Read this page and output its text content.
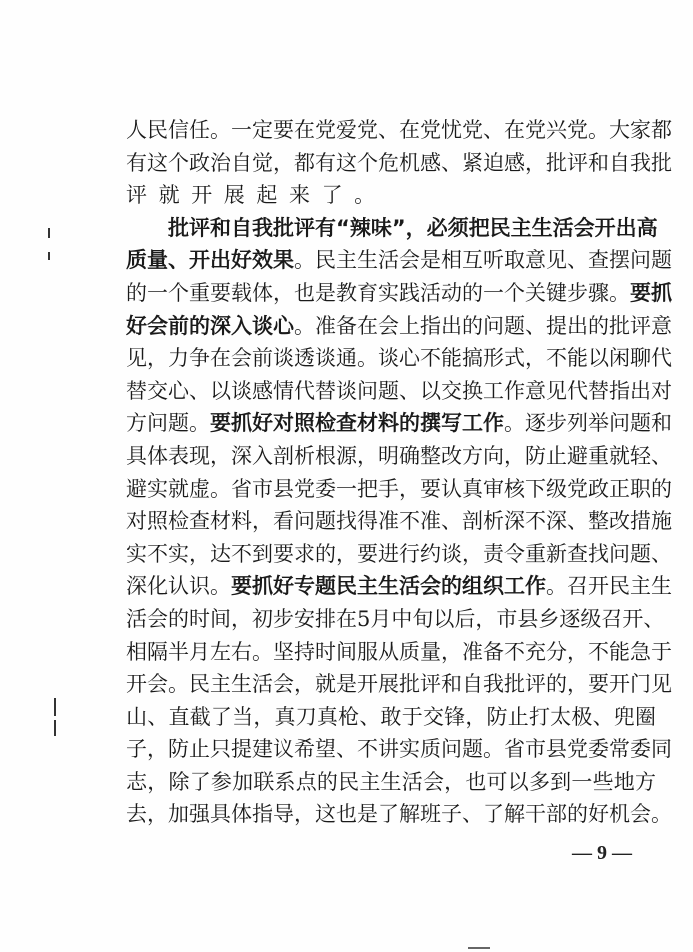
人 民 信 任 。 一 定 要 在 党 爱 党 、 在 党 忧 党 、 在 党 兴 党 。 大 家 都
有 这 个 政 治 自 觉 ， 都 有 这 个 危 机 感 、 紧 迫 感 ， 批 评 和 自 我 批
评
就
开
展
起
来
了
。

批 评 和 自 我 批 评 有 “ 辣 味 ” ， 必 须 把 民 主 生 活 会 开 出 高
质 量 、 开 出 好 效 果 。 民 主 生 活 会 是 相 互 听 取 意 见 、 查 摆 问 题
的 一 个 重 要 载 体 ， 也 是 教 育 实 践 活 动 的 一 个 关 键 步 骤 。 要 抓
好 会 前 的 深 入 谈 心 。 准 备 在 会 上 指 出 的 问 题 、 提 出 的 批 评 意
见 ， 力 争 在 会 前 谈 透 谈 通 。 谈 心 不 能 搞 形 式 ， 不 能 以 闲 聊 代
替 交 心 、 以 谈 感 情 代 替 谈 问 题 、 以 交 换 工 作 意 见 代 替 指 出 对
方 问 题 。 要 抓 好 对 照 检 查 材 料 的 撰 写 工 作 。 逐 步 列 举 问 题 和
具 体 表 现 ， 深 入 剖 析 根 源 ， 明 确 整 改 方 向 ， 防 止 避 重 就 轻 、
避 实 就 虚 。 省 市 县 党 委 一 把 手 ， 要 认 真 审 核 下 级 党 政 正 职 的
对 照 检 查 材 料 ， 看 问 题 找 得 准 不 准 、 剖 析 深 不 深 、 整 改 措 施
实 不 实 ， 达 不 到 要 求 的 ， 要 进 行 约 谈 ， 责 令 重 新 查 找 问 题 、
深 化 认 识 。 要 抓 好 专 题 民 主 生 活 会 的 组 织 工 作 。 召 开 民 主 生
活 会 的 时 间 ， 初 步 安 排 在 5 月 中 旬 以 后 ， 市 县 乡 逐 级 召 开 、
相 隔 半 月 左 右 。 坚 持 时 间 服 从 质 量 ， 准 备 不 充 分 ， 不 能 急 于
开 会 。 民 主 生 活 会 ， 就 是 开 展 批 评 和 自 我 批 评 的 ， 要 开 门 见
山 、 直 截 了 当 ， 真 刀 真 枪 、 敢 于 交 锋 ， 防 止 打 太 极 、 兜 圈
子 ， 防 止 只 提 建 议 希 望 、 不 讲 实 质 问 题 。 省 市 县 党 委 常 委 同
志 ， 除 了 参 加 联 系 点 的 民 主 生 活 会 ， 也 可 以 多 到 一 些 地 方
去 ， 加 强 具 体 指 导 ， 这 也 是 了 解 班 子 、 了 解 干 部 的 好 机 会 。
— 9 —
